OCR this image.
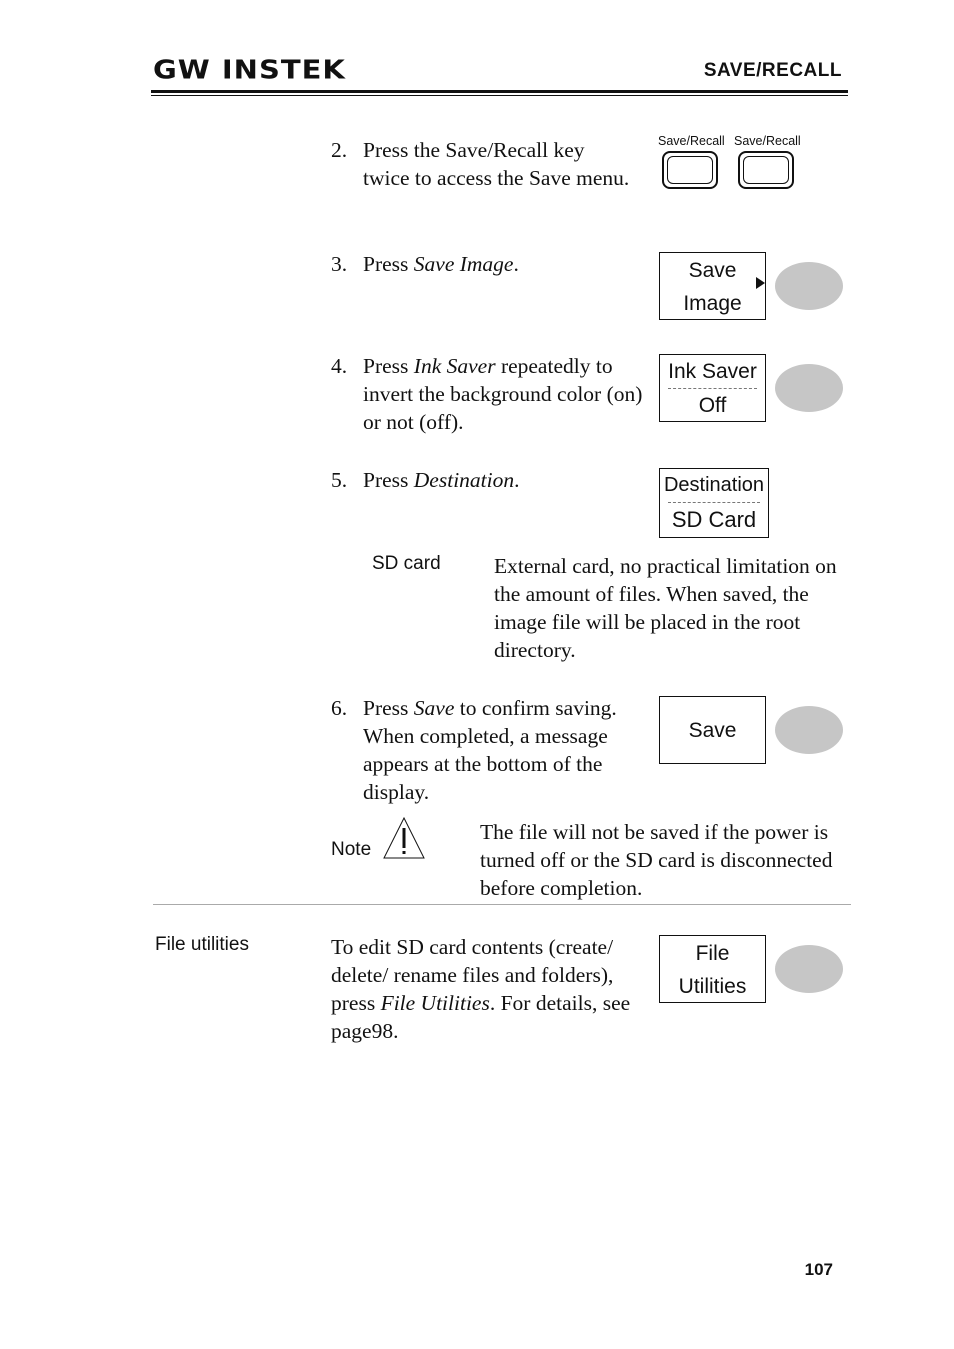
GW INSTEK	SAVE/RECALL
2. Press the Save/Recall key twice to access the Save menu.
Save/Recall Save/Recall
3. Press Save Image.	Save
Image
4. Press Ink Saver repeatedly to invert the background color (on) or not (off).
Ink Saver
Off
5. Press Destination.	Destination
SD Card
SD card External card, no practical limitation on the amount of files. When saved, the image file will be placed in the root directory.
6. Press Save to confirm saving. When completed, a message appears at the bottom of the display.
Save
Note
The file will not be saved if the power is turned off or the SD card is disconnected before completion.
File utilities	To edit SD card contents (create/ delete/ rename files and folders), press File Utilities. For details, see page98.
File
Utilities
107
